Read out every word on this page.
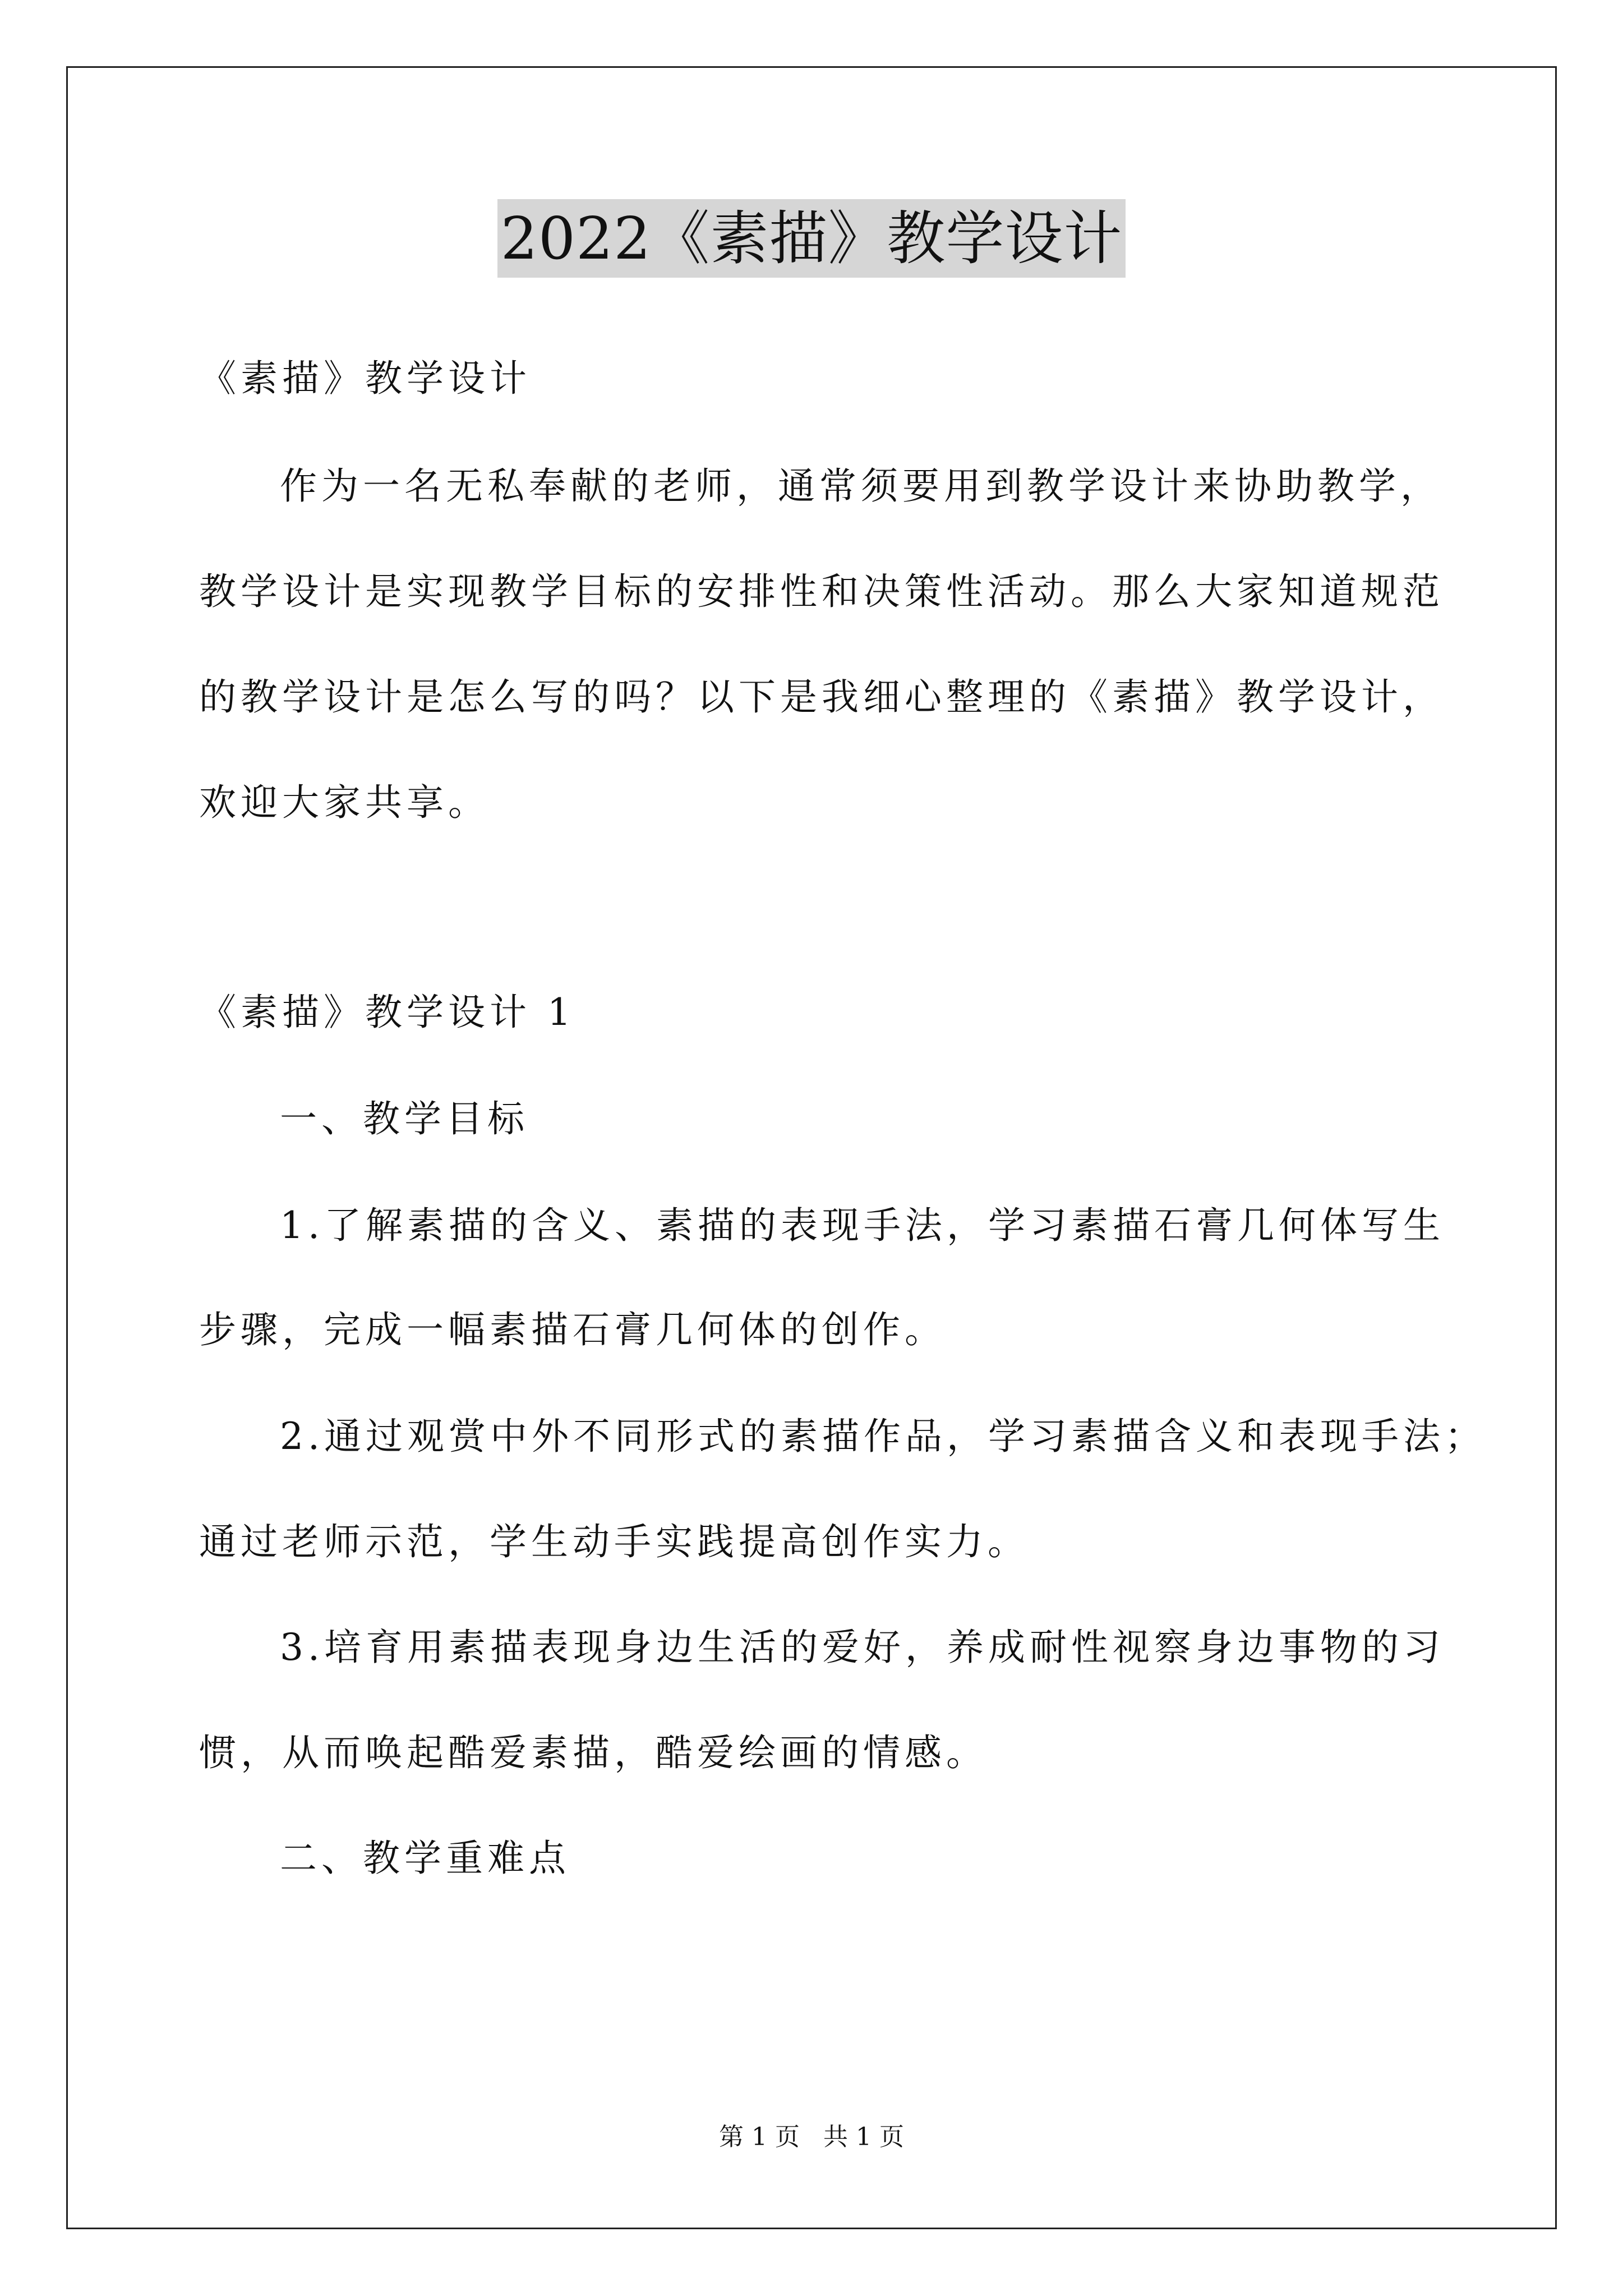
2022《素描》教学设计
《素描》教学设计
作为一名无私奉献的老师，通常须要用到教学设计来协助教学，
教学设计是实现教学目标的安排性和决策性活动。那么大家知道规范
的教学设计是怎么写的吗？以下是我细心整理的《素描》教学设计，
欢迎大家共享。
《素描》教学设计 1
一、教学目标
1.了解素描的含义、素描的表现手法，学习素描石膏几何体写生
步骤，完成一幅素描石膏几何体的创作。
2.通过观赏中外不同形式的素描作品，学习素描含义和表现手法；
通过老师示范，学生动手实践提高创作实力。
3.培育用素描表现身边生活的爱好，养成耐性视察身边事物的习
惯，从而唤起酷爱素描，酷爱绘画的情感。
二、教学重难点
第 1 页 共 1 页
